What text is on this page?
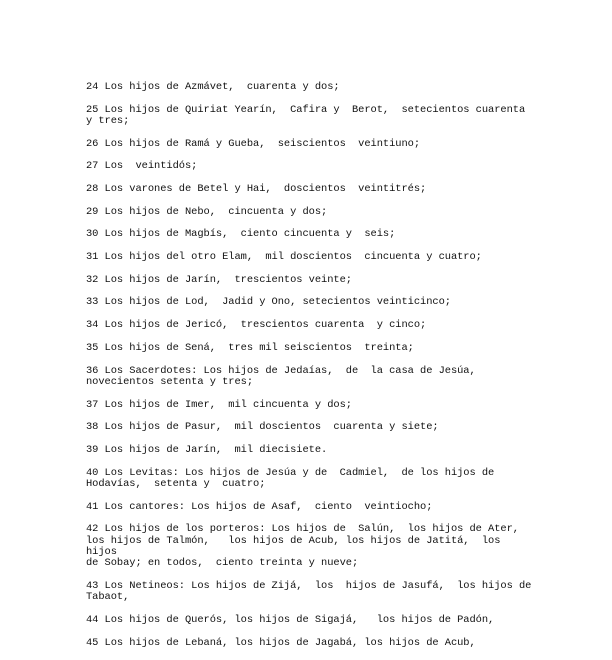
24 Los hijos de Azmávet,  cuarenta y dos;

25 Los hijos de Quiriat Yearín,  Cafira y  Berot,  setecientos cuarenta y tres;

26 Los hijos de Ramá y Gueba,  seiscientos  veintiuno;

27 Los  veintidós;

28 Los varones de Betel y Hai,  doscientos  veintitrés;

29 Los hijos de Nebo,  cincuenta y dos;

30 Los hijos de Magbís,  ciento cincuenta y  seis;

31 Los hijos del otro Elam,  mil doscientos  cincuenta y cuatro;

32 Los hijos de Jarín,  trescientos veinte;

33 Los hijos de Lod,  Jadid y Ono, setecientos veinticinco;

34 Los hijos de Jericó,  trescientos cuarenta  y cinco;

35 Los hijos de Sená,  tres mil seiscientos  treinta;

36 Los Sacerdotes: Los hijos de Jedaías,  de  la casa de Jesúa,
novecientos setenta y tres;

37 Los hijos de Imer,  mil cincuenta y dos;

38 Los hijos de Pasur,  mil doscientos  cuarenta y siete;

39 Los hijos de Jarín,  mil diecisiete.

40 Los Levitas: Los hijos de Jesúa y de  Cadmiel,  de los hijos de
Hodavías,  setenta y  cuatro;

41 Los cantores: Los hijos de Asaf,  ciento  veintiocho;

42 Los hijos de los porteros: Los hijos de  Salún,  los hijos de Ater,
los hijos de Talmón,   los hijos de Acub, los hijos de Jatitá,  los hijos
de Sobay; en todos,  ciento treinta y nueve;

43 Los Netineos: Los hijos de Zijá,  los  hijos de Jasufá,  los hijos de
Tabaot,

44 Los hijos de Querós, los hijos de Sigajá,   los hijos de Padón,

45 Los hijos de Lebaná, los hijos de Jagabá, los hijos de Acub,
